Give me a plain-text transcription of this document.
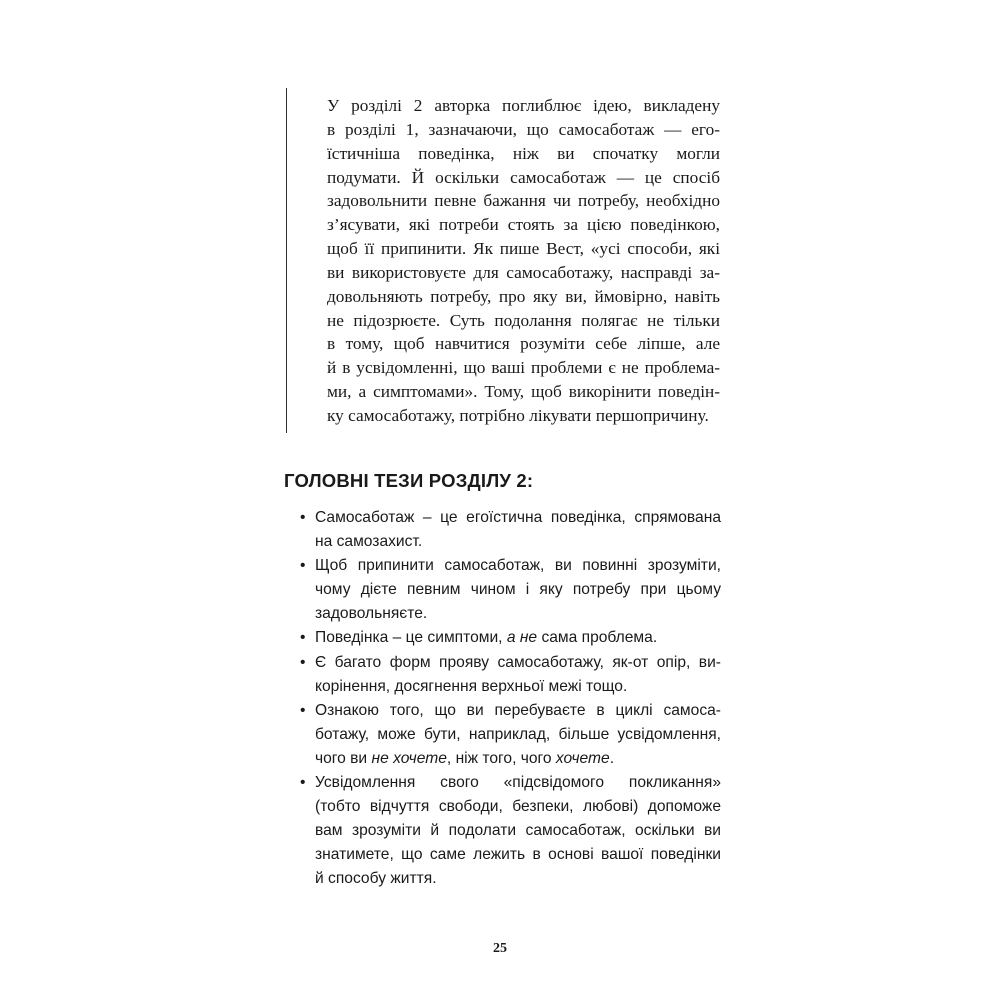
У розділі 2 авторка поглиблює ідею, викладену
в розділі 1, зазначаючи, що самосаботаж — его-
їстичніша поведінка, ніж ви спочатку могли
подумати. Й оскільки самосаботаж — це спосіб
задовольнити певне бажання чи потребу, необхідно
з’ясувати, які потреби стоять за цією поведінкою,
щоб її припинити. Як пише Вест, «усі способи, які
ви використовуєте для самосаботажу, насправді за-
довольняють потребу, про яку ви, ймовірно, навіть
не підозрюєте. Суть подолання полягає не тільки
в тому, щоб навчитися розуміти себе ліпше, але
й в усвідомленні, що ваші проблеми є не проблема-
ми, а симптомами». Тому, щоб викорінити поведін-
ку самосаботажу, потрібно лікувати першопричину.
ГОЛОВНІ ТЕЗИ РОЗДІЛУ 2:
• Самосаботаж – це егоїстична поведінка, спрямована
на самозахист.
• Щоб припинити самосаботаж, ви повинні зрозуміти,
чому дієте певним чином і яку потребу при цьому
задовольняєте.
• Поведінка – це симптоми, а не сама проблема.
• Є багато форм прояву самосаботажу, як-от опір, ви-
корінення, досягнення верхньої межі тощо.
• Ознакою того, що ви перебуваєте в циклі самоса-
ботажу, може бути, наприклад, більше усвідомлення,
чого ви не хочете, ніж того, чого хочете.
• Усвідомлення свого «підсвідомого покликання»
(тобто відчуття свободи, безпеки, любові) допоможе
вам зрозуміти й подолати самосаботаж, оскільки ви
знатимете, що саме лежить в основі вашої поведінки
й способу життя.
25
